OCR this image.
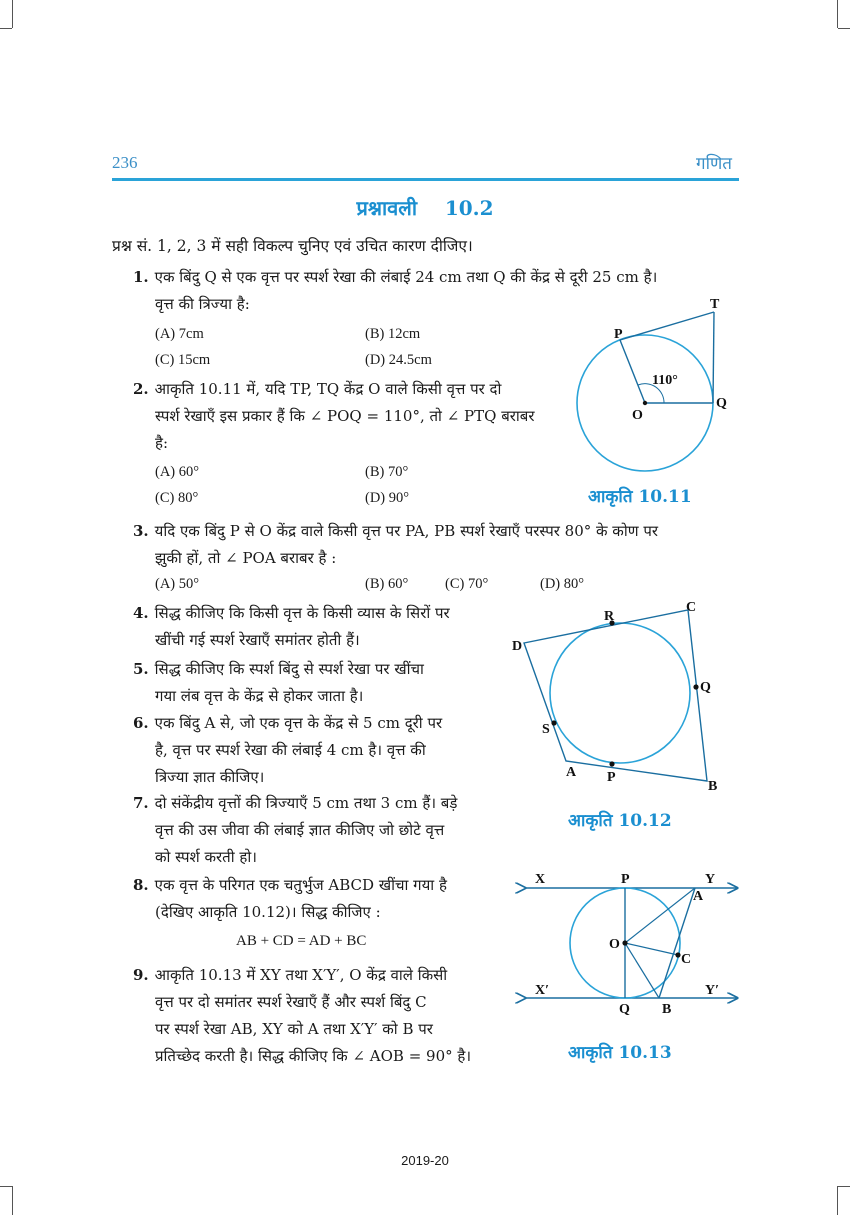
236	गणित
प्रश्नावली    10.2
प्रश्न सं. 1, 2, 3 में सही विकल्प चुनिए एवं उचित कारण दीजिए।
1. एक बिंदु Q से एक वृत्त पर स्पर्श रेखा की लंबाई 24 cm तथा Q की केंद्र से दूरी 25 cm है।
वृत्त की त्रिज्या है:
(A) 7cm	(B) 12cm
(C) 15cm	(D) 24.5cm
2. आकृति 10.11 में, यदि TP, TQ केंद्र O वाले किसी वृत्त पर दो
स्पर्श रेखाएँ इस प्रकार हैं कि ∠ POQ = 110°, तो ∠ PTQ बराबर
है:
(A) 60°	(B) 70°
(C) 80°	(D) 90°
P
T
O
Q
110°
आकृति 10.11
3. यदि एक बिंदु P से O केंद्र वाले किसी वृत्त पर PA, PB स्पर्श रेखाएँ परस्पर 80° के कोण पर
झुकी हों, तो ∠ POA बराबर है :
(A) 50°	(B) 60°	(C) 70°	(D) 80°
4. सिद्ध कीजिए कि किसी वृत्त के किसी व्यास के सिरों पर
खींची गई स्पर्श रेखाएँ समांतर होती हैं।
5. सिद्ध कीजिए कि स्पर्श बिंदु से स्पर्श रेखा पर खींचा
गया लंब वृत्त के केंद्र से होकर जाता है।
6. एक बिंदु A से, जो एक वृत्त के केंद्र से 5 cm दूरी पर
है, वृत्त पर स्पर्श रेखा की लंबाई 4 cm है। वृत्त की
त्रिज्या ज्ञात कीजिए।
7. दो संकेंद्रीय वृत्तों की त्रिज्याएँ 5 cm तथा 3 cm हैं। बड़े
वृत्त की उस जीवा की लंबाई ज्ञात कीजिए जो छोटे वृत्त
को स्पर्श करती हो।
D
C
R
Q
S
A P
B
आकृति 10.12
8. एक वृत्त के परिगत एक चतुर्भुज ABCD खींचा गया है
(देखिए आकृति 10.12)। सिद्ध कीजिए :
AB + CD = AD + BC
9. आकृति 10.13 में XY तथा X′Y′, O केंद्र वाले किसी
वृत्त पर दो समांतर स्पर्श रेखाएँ हैं और स्पर्श बिंदु C
पर स्पर्श रेखा AB, XY को A तथा X′Y′ को B पर
प्रतिच्छेद करती है। सिद्ध कीजिए कि ∠ AOB = 90° है।
X	P	Y
A
O
C
X′	Y′
Q B
आकृति 10.13
2019-20
